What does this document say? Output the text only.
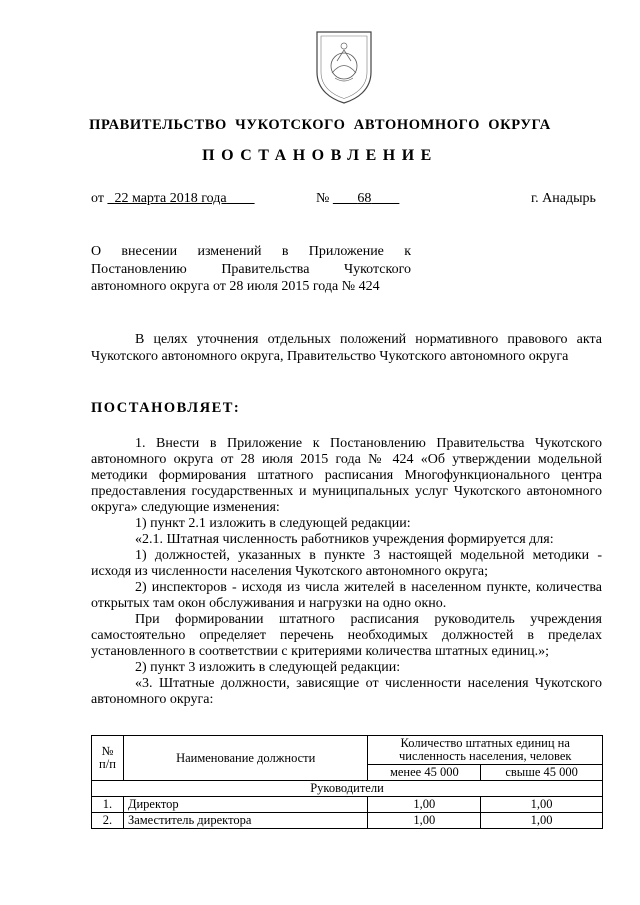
ПРАВИТЕЛЬСТВО ЧУКОТСКОГО АВТОНОМНОГО ОКРУГА
ПОСТАНОВЛЕНИЕ
от 22 марта 2018 года	№ 68	г. Анадырь
О внесении изменений в Приложение к
Постановлению Правительства Чукотского
автономного округа от 28 июля 2015 года № 424

В целях уточнения отдельных положений нормативного правового акта Чукотского автономного округа, Правительство Чукотского автономного округа

ПОСТАНОВЛЯЕТ:

1. Внести в Приложение к Постановлению Правительства Чукотского автономного округа от 28 июля 2015 года № 424 «Об утверждении модельной методики формирования штатного расписания Многофункционального центра предоставления государственных и муниципальных услуг Чукотского автономного округа» следующие изменения:

1) пункт 2.1 изложить в следующей редакции:

«2.1. Штатная численность работников учреждения формируется для:

1) должностей, указанных в пункте 3 настоящей модельной методики - исходя из численности населения Чукотского автономного округа;

2) инспекторов - исходя из числа жителей в населенном пункте, количества открытых там окон обслуживания и нагрузки на одно окно.

При формировании штатного расписания руководитель учреждения самостоятельно определяет перечень необходимых должностей в пределах установленного в соответствии с критериями количества штатных единиц.»;

2) пункт 3 изложить в следующей редакции:

«3. Штатные должности, зависящие от численности населения Чукотского автономного округа:

№ п/п	Наименование должности	Количество штатных единиц на численность населения, человек	
		менее 45 000	свыше 45 000
Руководители			
1.	Директор	1,00	1,00
2.	Заместитель директора	1,00	1,00
